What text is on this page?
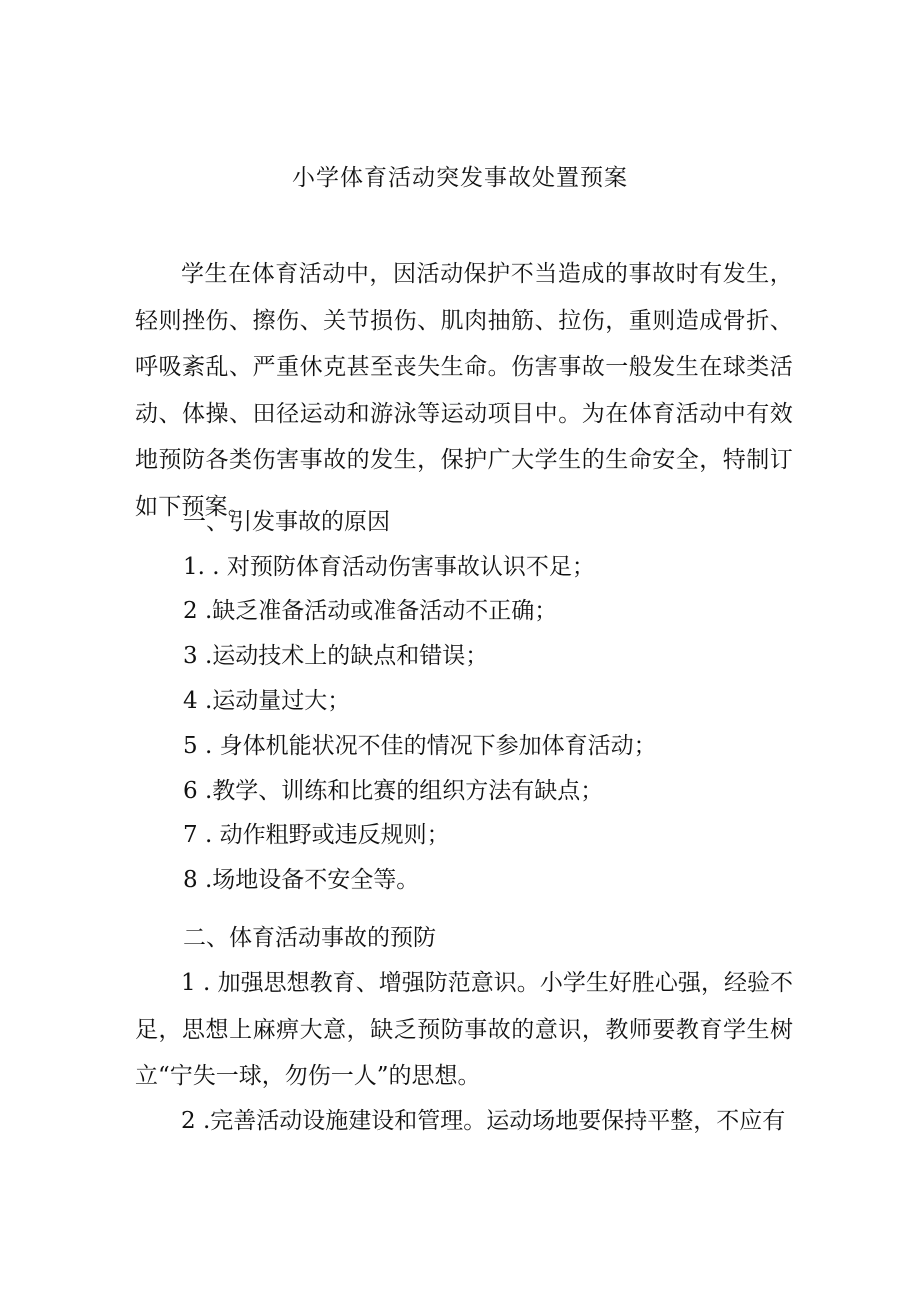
小学体育活动突发事故处置预案

学生在体育活动中，因活动保护不当造成的事故时有发生，轻则挫伤、擦伤、关节损伤、肌肉抽筋、拉伤，重则造成骨折、呼吸紊乱、严重休克甚至丧失生命。伤害事故一般发生在球类活动、体操、田径运动和游泳等运动项目中。为在体育活动中有效地预防各类伤害事故的发生，保护广大学生的生命安全，特制订如下预案。

一、引发事故的原因

1. . 对预防体育活动伤害事故认识不足；

2 .缺乏准备活动或准备活动不正确；

3 .运动技术上的缺点和错误；

4 .运动量过大；

5 . 身体机能状况不佳的情况下参加体育活动；

6 .教学、训练和比赛的组织方法有缺点；

7 . 动作粗野或违反规则；

8 .场地设备不安全等。

二、体育活动事故的预防

1 . 加强思想教育、增强防范意识。小学生好胜心强，经验不足，思想上麻痹大意，缺乏预防事故的意识，教师要教育学生树立“宁失一球，勿伤一人”的思想。

2 .完善活动设施建设和管理。运动场地要保持平整，不应有
